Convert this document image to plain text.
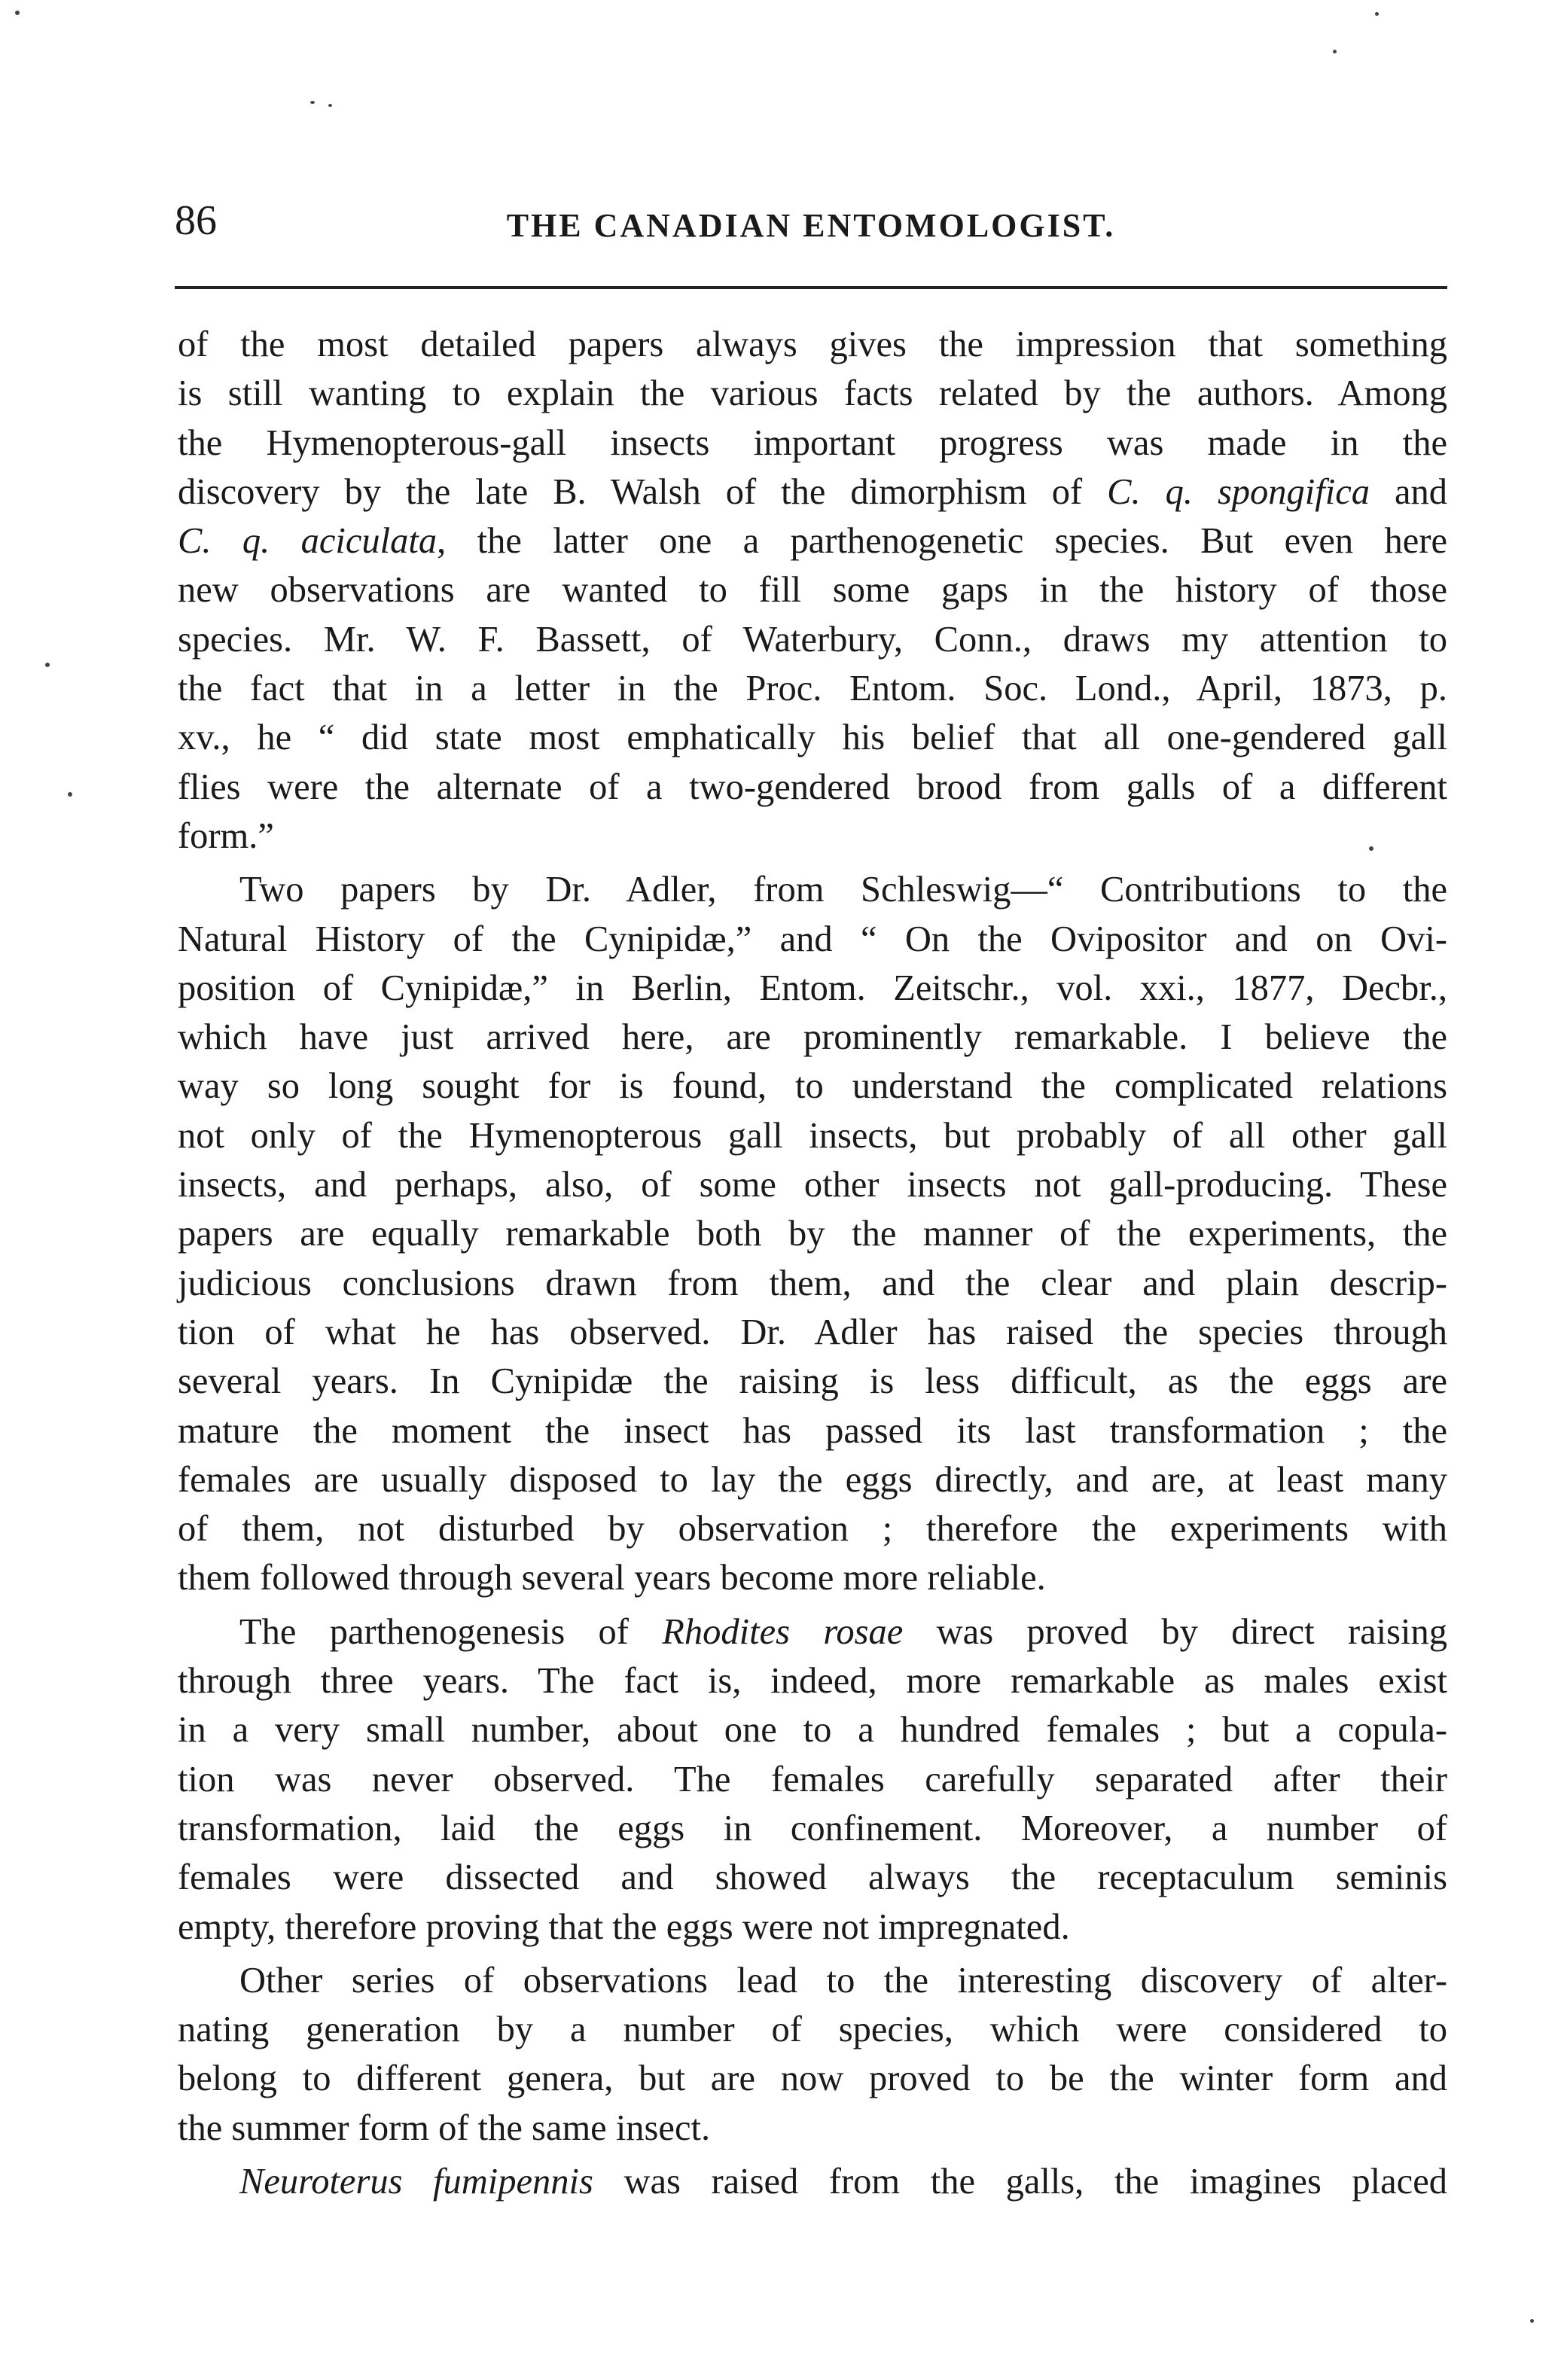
86	THE CANADIAN ENTOMOLOGIST.

of the most detailed papers always gives the impression that something
is still wanting to explain the various facts related by the authors. Among
the Hymenopterous-gall insects important progress was made in the
discovery by the late B. Walsh of the dimorphism of C. q. spongifica and
C. q. aciculata, the latter one a parthenogenetic species. But even here
new observations are wanted to fill some gaps in the history of those
species. Mr. W. F. Bassett, of Waterbury, Conn., draws my attention to
the fact that in a letter in the Proc. Entom. Soc. Lond., April, 1873, p.
xv., he “ did state most emphatically his belief that all one-gendered gall
flies were the alternate of a two-gendered brood from galls of a different
form.”

Two papers by Dr. Adler, from Schleswig—“ Contributions to the
Natural History of the Cynipidæ,” and “ On the Ovipositor and on Ovi-
position of Cynipidæ,” in Berlin, Entom. Zeitschr., vol. xxi., 1877, Decbr.,
which have just arrived here, are prominently remarkable. I believe the
way so long sought for is found, to understand the complicated relations
not only of the Hymenopterous gall insects, but probably of all other gall
insects, and perhaps, also, of some other insects not gall-producing. These
papers are equally remarkable both by the manner of the experiments, the
judicious conclusions drawn from them, and the clear and plain descrip-
tion of what he has observed. Dr. Adler has raised the species through
several years. In Cynipidæ the raising is less difficult, as the eggs are
mature the moment the insect has passed its last transformation ; the
females are usually disposed to lay the eggs directly, and are, at least many
of them, not disturbed by observation ; therefore the experiments with
them followed through several years become more reliable.

The parthenogenesis of Rhodites rosae was proved by direct raising
through three years. The fact is, indeed, more remarkable as males exist
in a very small number, about one to a hundred females ; but a copula-
tion was never observed. The females carefully separated after their
transformation, laid the eggs in confinement. Moreover, a number of
females were dissected and showed always the receptaculum seminis
empty, therefore proving that the eggs were not impregnated.

Other series of observations lead to the interesting discovery of alter-
nating generation by a number of species, which were considered to
belong to different genera, but are now proved to be the winter form and
the summer form of the same insect.

Neuroterus fumipennis was raised from the galls, the imagines placed
